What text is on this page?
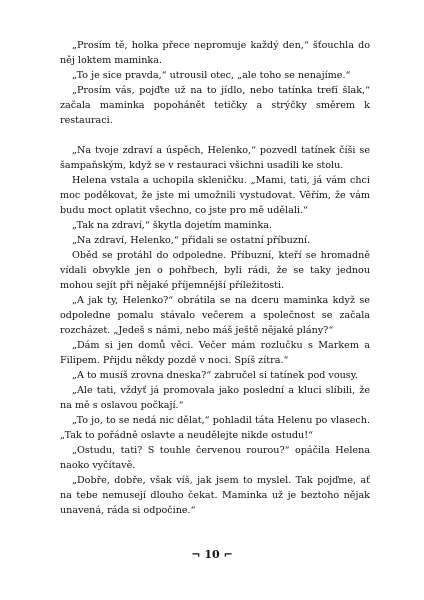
„Prosím tě, holka přece nepromuje každý den,“ šťouchla do něj loktem maminka.

„To je sice pravda,“ utrousil otec, „ale toho se nenajíme.“

„Prosím vás, pojďte už na to jídlo, nebo tatínka trefí šlak,“ začala maminka popohánět tetičky a strýčky směrem k restauraci.

„Na tvoje zdraví a úspěch, Helenko,“ pozvedl tatínek číši se šampaňským, když se v restauraci všichni usadili ke stolu.

Helena vstala a uchopila skleničku. „Mami, tati, já vám chci moc poděkovat, že jste mi umožnili vystudovat. Věřím, že vám budu moct oplatit všechno, co jste pro mě udělali.“

„Tak na zdraví,“ škytla dojetím maminka.

„Na zdraví, Helenko,“ přidali se ostatní příbuzní.

Oběd se protáhl do odpoledne. Příbuzní, kteří se hromadně vídali obvykle jen o pohřbech, byli rádi, že se taky jednou mohou sejít při nějaké příjemnější příležitosti.

„A jak ty, Helenko?“ obrátila se na dceru maminka když se odpoledne pomalu stávalo večerem a společnost se začala rozcházet. „Jedeš s námi, nebo máš ještě nějaké plány?“

„Dám si jen domů věci. Večer mám rozlučku s Markem a Filipem. Přijdu někdy pozdě v noci. Spíš zítra.“

„A to musíš zrovna dneska?“ zabručel si tatínek pod vousy.

„Ale tati, vždyť já promovala jako poslední a kluci slíbili, že na mě s oslavou počkají.“

„To jo, to se nedá nic dělat,“ pohladil táta Helenu po vlasech. „Tak to pořádně oslavte a neudělejte nikde ostudu!“

„Ostudu, tati? S touhle červenou rourou?“ opáčila Helena naoko vyčítavě.

„Dobře, dobře, však víš, jak jsem to myslel. Tak pojďme, ať na tebe nemusejí dlouho čekat. Maminka už je beztoho nějak unavená, ráda si odpočine.“

¬ 10 ⌐
